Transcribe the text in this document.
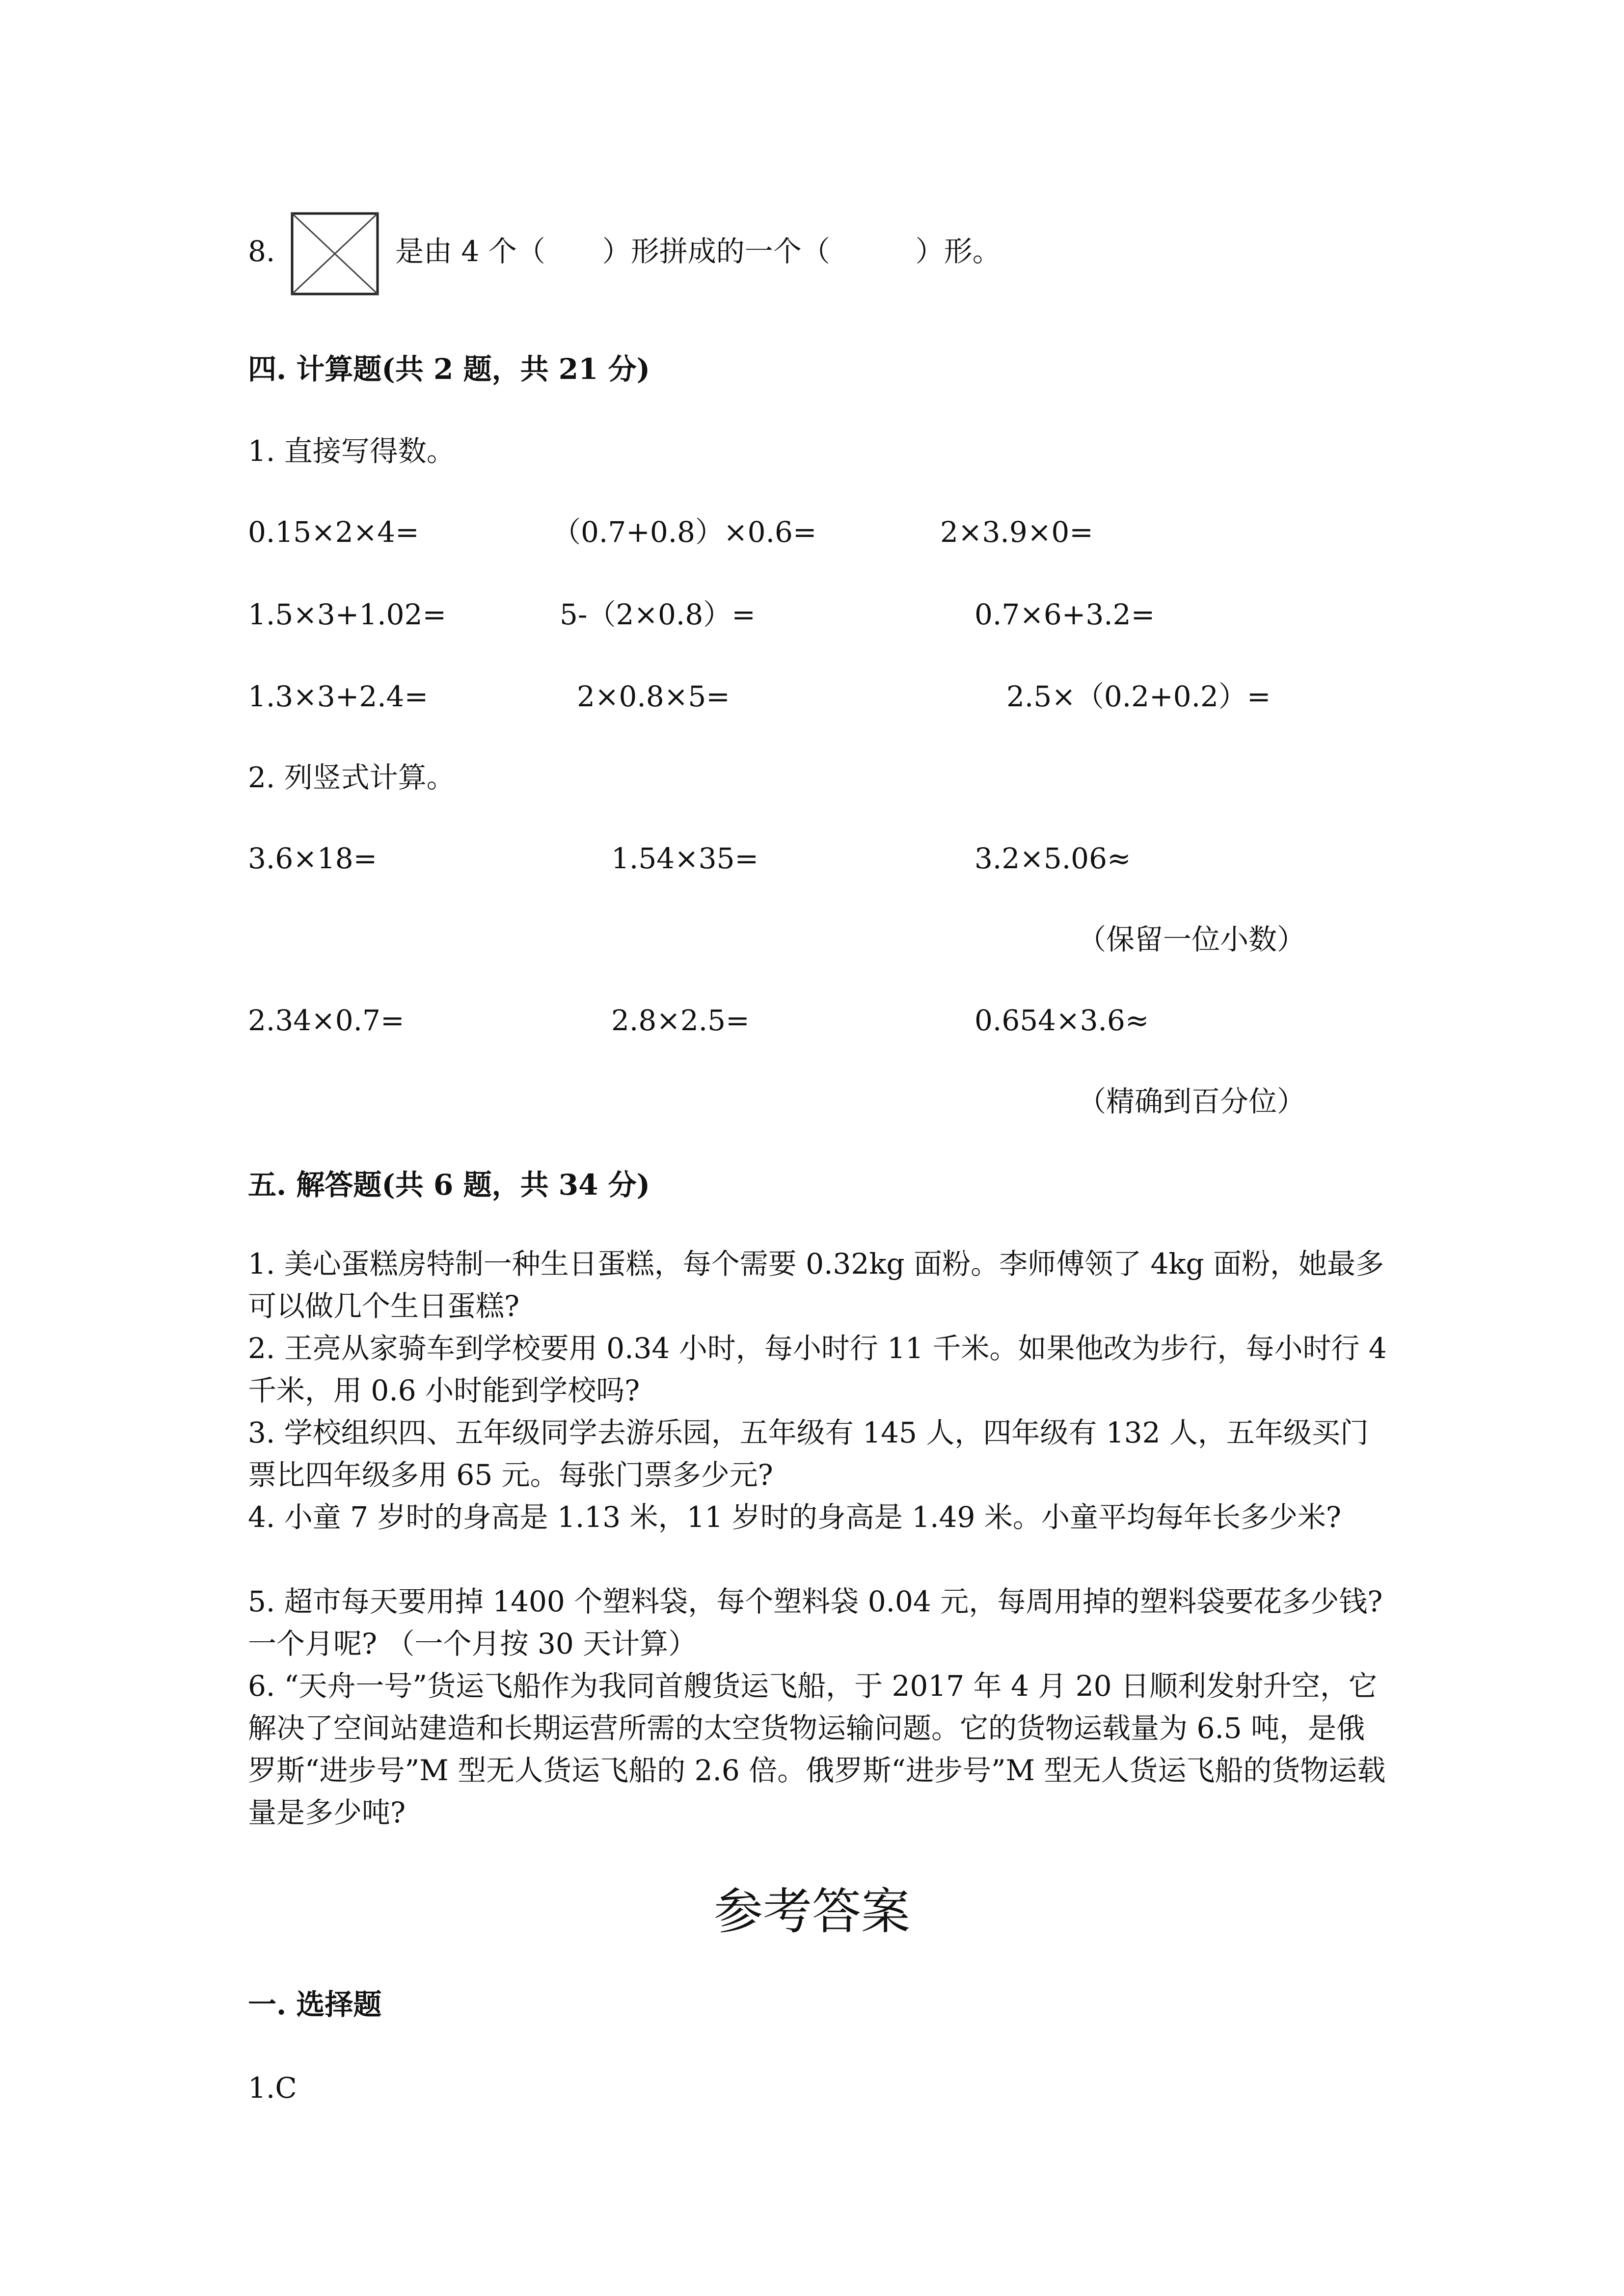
8.	是由 4 个（　　）形拼成的一个（　　　）形。
四. 计算题(共 2 题，共 21 分)
1. 直接写得数。
0.15×2×4=	（0.7+0.8）×0.6=	2×3.9×0=
1.5×3+1.02=	5-（2×0.8）=	0.7×6+3.2=
1.3×3+2.4=	2×0.8×5=	2.5×（0.2+0.2）=
2. 列竖式计算。
3.6×18=	1.54×35=	3.2×5.06≈
（保留一位小数）
2.34×0.7=	2.8×2.5=	0.654×3.6≈
（精确到百分位）
五. 解答题(共 6 题，共 34 分)
1. 美心蛋糕房特制一种生日蛋糕，每个需要 0.32kg 面粉。李师傅领了 4kg 面粉，她最多可以做几个生日蛋糕?
2. 王亮从家骑车到学校要用 0.34 小时，每小时行 11 千米。如果他改为步行，每小时行 4 千米，用 0.6 小时能到学校吗?
3. 学校组织四、五年级同学去游乐园，五年级有 145 人，四年级有 132 人，五年级买门票比四年级多用 65 元。每张门票多少元?
4. 小童 7 岁时的身高是 1.13 米，11 岁时的身高是 1.49 米。小童平均每年长多少米?
5. 超市每天要用掉 1400 个塑料袋，每个塑料袋 0.04 元，每周用掉的塑料袋要花多少钱? 一个月呢? （一个月按 30 天计算）
6. “天舟一号”货运飞船作为我同首艘货运飞船，于 2017 年 4 月 20 日顺利发射升空，它解决了空间站建造和长期运营所需的太空货物运输问题。它的货物运载量为 6.5 吨，是俄罗斯“进步号”M 型无人货运飞船的 2.6 倍。俄罗斯“进步号”M 型无人货运飞船的货物运载量是多少吨?
参考答案
一. 选择题
1.C
